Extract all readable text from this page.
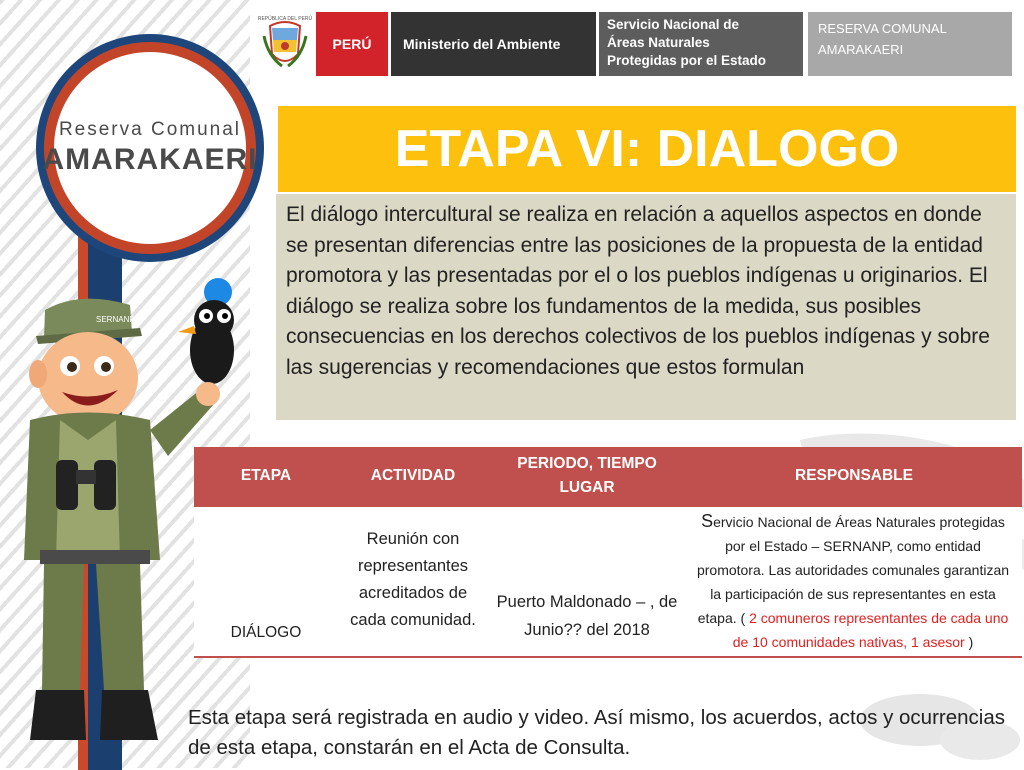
Reserva Comunal
AMARAKAERI
REPÚBLICA DEL PERÚ
PERÚ	Ministerio del Ambiente
Servicio Nacional de
Áreas Naturales
Protegidas por el Estado
RESERVA COMUNAL
AMARAKAERI
ETAPA VI: DIALOGO
El diálogo intercultural se realiza en relación a aquellos aspectos en donde se presentan diferencias entre las posiciones de la propuesta de la entidad promotora y las presentadas por el o los pueblos indígenas u originarios. El diálogo se realiza sobre los fundamentos de la medida, sus posibles consecuencias en los derechos colectivos de los pueblos indígenas y sobre las sugerencias y recomendaciones que estos formulan
SERNANP
ETAPA	ACTIVIDAD	PERIODO, TIEMPO LUGAR	RESPONSABLE
DIÁLOGO	Reunión con representantes acreditados de cada comunidad.	Puerto Maldonado – , de Junio?? del 2018	Servicio Nacional de Áreas Naturales protegidas por el Estado – SERNANP, como entidad promotora. Las autoridades comunales garantizan la participación de sus representantes en esta etapa. ( 2 comuneros representantes de cada uno de 10 comunidades nativas, 1 asesor )
Esta etapa será registrada en audio y video. Así mismo, los acuerdos, actos y ocurrencias de esta etapa, constarán en el Acta de Consulta.
